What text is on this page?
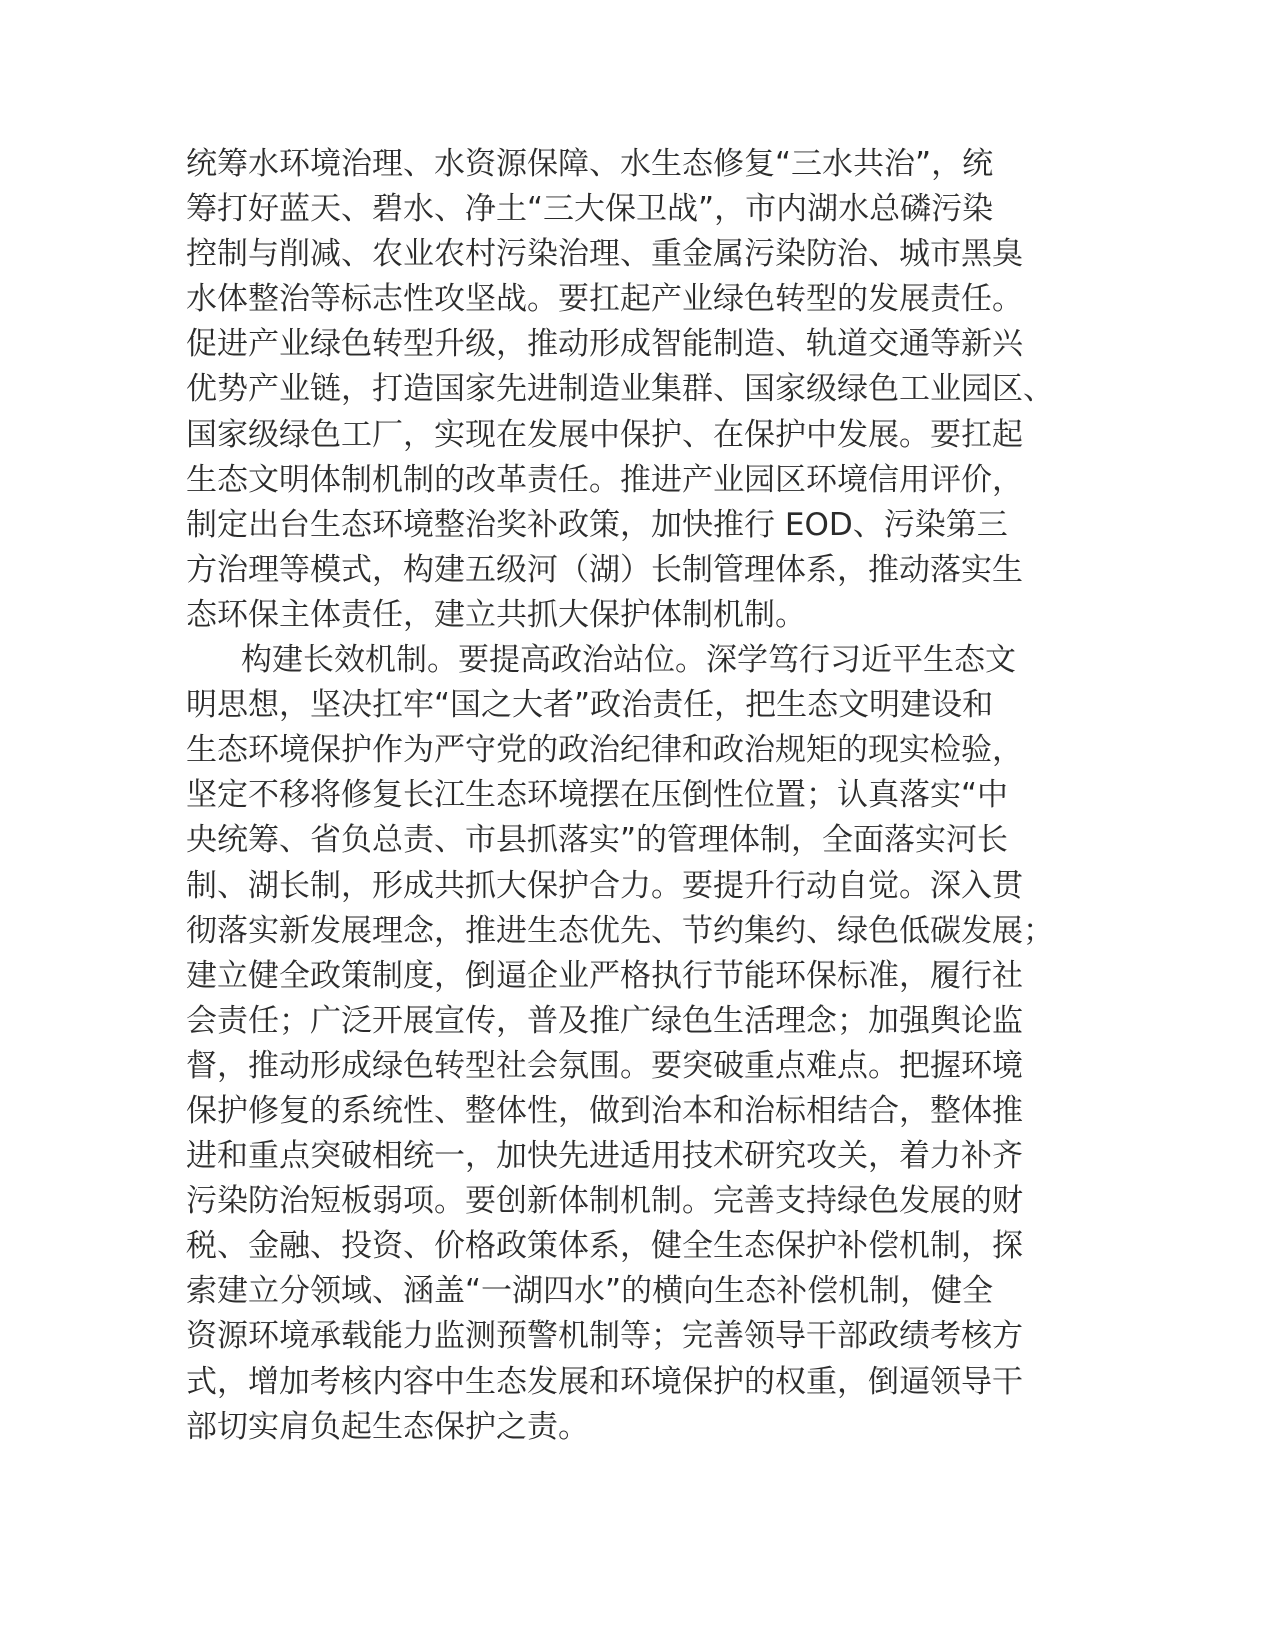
统筹水环境治理、水资源保障、水生态修复“三水共治”，统
筹打好蓝天、碧水、净土“三大保卫战”，市内湖水总磷污染
控制与削减、农业农村污染治理、重金属污染防治、城市黑臭
水体整治等标志性攻坚战。要扛起产业绿色转型的发展责任。
促进产业绿色转型升级，推动形成智能制造、轨道交通等新兴
优势产业链，打造国家先进制造业集群、国家级绿色工业园区、
国家级绿色工厂，实现在发展中保护、在保护中发展。要扛起
生态文明体制机制的改革责任。推进产业园区环境信用评价，
制定出台生态环境整治奖补政策，加快推行 EOD、污染第三
方治理等模式，构建五级河（湖）长制管理体系，推动落实生
态环保主体责任，建立共抓大保护体制机制。
构建长效机制。要提高政治站位。深学笃行习近平生态文
明思想，坚决扛牢“国之大者”政治责任，把生态文明建设和
生态环境保护作为严守党的政治纪律和政治规矩的现实检验，
坚定不移将修复长江生态环境摆在压倒性位置；认真落实“中
央统筹、省负总责、市县抓落实”的管理体制，全面落实河长
制、湖长制，形成共抓大保护合力。要提升行动自觉。深入贯
彻落实新发展理念，推进生态优先、节约集约、绿色低碳发展；
建立健全政策制度，倒逼企业严格执行节能环保标准，履行社
会责任；广泛开展宣传，普及推广绿色生活理念；加强舆论监
督，推动形成绿色转型社会氛围。要突破重点难点。把握环境
保护修复的系统性、整体性，做到治本和治标相结合，整体推
进和重点突破相统一，加快先进适用技术研究攻关，着力补齐
污染防治短板弱项。要创新体制机制。完善支持绿色发展的财
税、金融、投资、价格政策体系，健全生态保护补偿机制，探
索建立分领域、涵盖“一湖四水”的横向生态补偿机制，健全
资源环境承载能力监测预警机制等；完善领导干部政绩考核方
式，增加考核内容中生态发展和环境保护的权重，倒逼领导干
部切实肩负起生态保护之责。
